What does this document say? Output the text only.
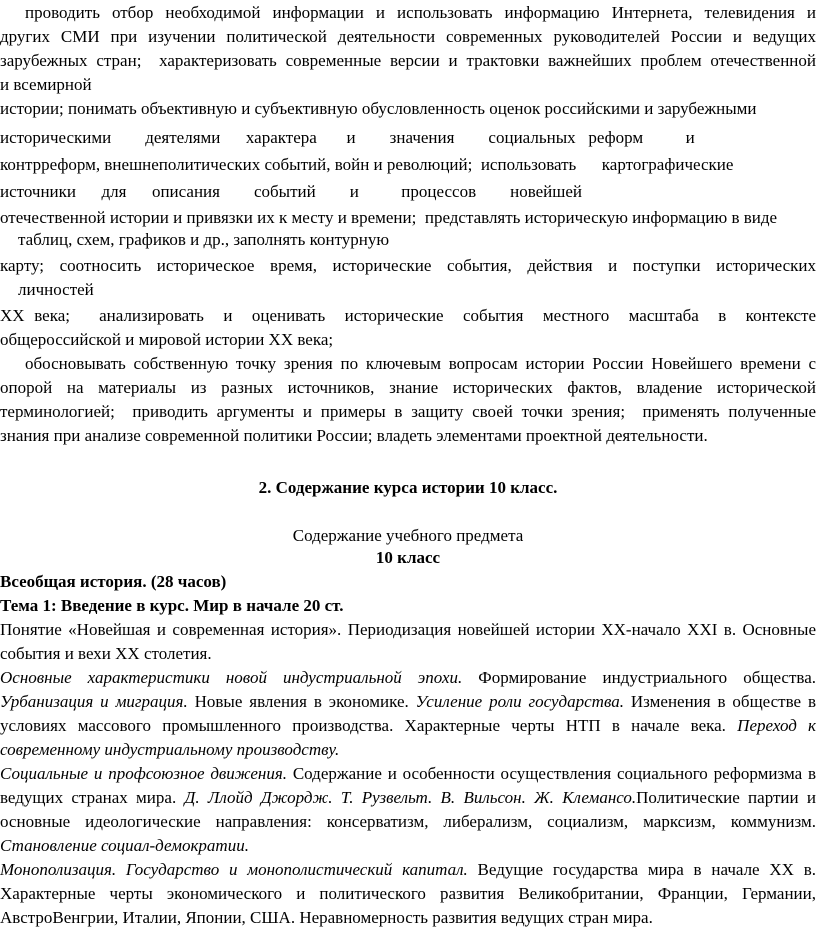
проводить отбор необходимой информации и использовать информацию Интернета, телевидения и
других СМИ при изучении политической деятельности современных руководителей России и ведущих
зарубежных стран;  характеризовать современные версии и трактовки важнейших проблем отечественной
и всемирной
истории; понимать объективную и субъективную обусловленность оценок российскими и зарубежными
историческими        деятелями      характера       и        значения        социальных   реформ          и
контрреформ, внешнеполитических событий, войн и революций;  использовать      картографические
источники      для      описания        событий        и          процессов        новейшей
отечественной истории и привязки их к месту и времени;  представлять историческую информацию в виде
таблиц, схем, графиков и др., заполнять контурную
карту;  соотносить  историческое  время,  исторические  события,  действия  и  поступки  исторических
личностей
XX века;   анализировать  и  оценивать  исторические  события  местного  масштаба  в  контексте
общероссийской и мировой истории XX века;
обосновывать собственную точку зрения по ключевым вопросам истории России Новейшего времени с
опорой на материалы из разных источников, знание исторических фактов, владение исторической
терминологией;  приводить аргументы и примеры в защиту своей точки зрения;  применять полученные
знания при анализе современной политики России; владеть элементами проектной деятельности.
2. Содержание курса истории 10 класс.
Содержание учебного предмета
10 класс
Всеобщая история. (28 часов)
Тема 1: Введение в курс. Мир в начале 20 ст.
Понятие «Новейшая и современная история». Периодизация новейшей истории XX-начало XXI в. Основные
события и вехи XX столетия.
Основные характеристики новой индустриальной эпохи. Формирование индустриального общества.
Урбанизация и миграция. Новые явления в экономике. Усиление роли государства. Изменения в обществе в
условиях массового промышленного производства. Характерные черты НТП в начале века. Переход к
современному индустриальному производству.
Социальные и профсоюзное движения. Содержание и особенности осуществления социального реформизма в
ведущих странах мира. Д. Ллойд Джордж. Т. Рузвельт. В. Вильсон. Ж. Клемансо.Политические партии и
основные идеологические направления: консерватизм, либерализм, социализм, марксизм, коммунизм.
Становление социал-демократии.
Монополизация. Государство и монополистический капитал. Ведущие государства мира в начале XX в.
Характерные черты экономического и политического развития Великобритании, Франции, Германии,
АвстроВенгрии, Италии, Японии, США. Неравномерность развития ведущих стран мира.
